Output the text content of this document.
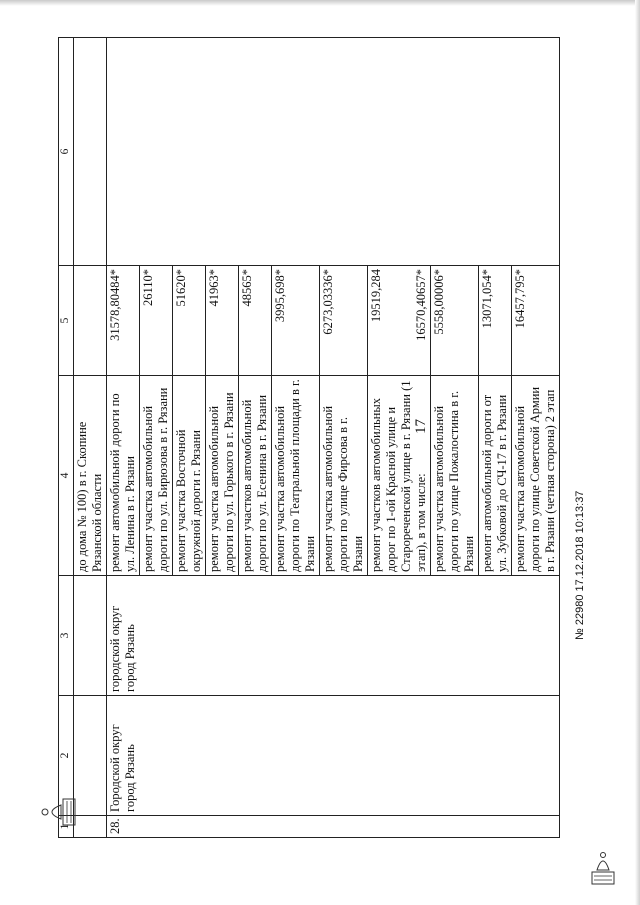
17
1	2	3	4	5	6
			до дома № 100) в г. Скопине Рязанской области		
28.	Городской округ город Рязань	городской округ город Рязань	ремонт автомобильной дороги по ул. Ленина в г. Рязани	31578,80484*	
			ремонт участка автомобильной дороги по ул. Бирюзова в г. Рязани	26110*	
			ремонт участка Восточной окружной дороги г. Рязани	51620*	
			ремонт участка автомобильной дороги по ул. Горького в г. Рязани	41963*	
			ремонт участков автомобильной дороги по ул. Есенина в г. Рязани	48565*	
			ремонт участка автомобильной дороги по Театральной площади в г. Рязани	3995,698*	
			ремонт участка автомобильной дороги по улице Фирсова в г. Рязани	6273,03336*	
			ремонт участков автомобильных дорог по 1-ой Красной улице и Старореченской улице в г. Рязани (1 этап), в том числе:	19519,284 16570,40657*	

			ремонт участка автомобильной дороги по улице Пожалостина в г. Рязани	5558,00006*	
			ремонт автомобильной дороги от ул. Зубковой до СЧ-17 в г. Рязани	13071,054*	
			ремонт участка автомобильной дороги по улице Советской Армии в г. Рязани (четная сторона) 2 этап	16457,795*	
№ 22980 17.12.2018 10:13:37
